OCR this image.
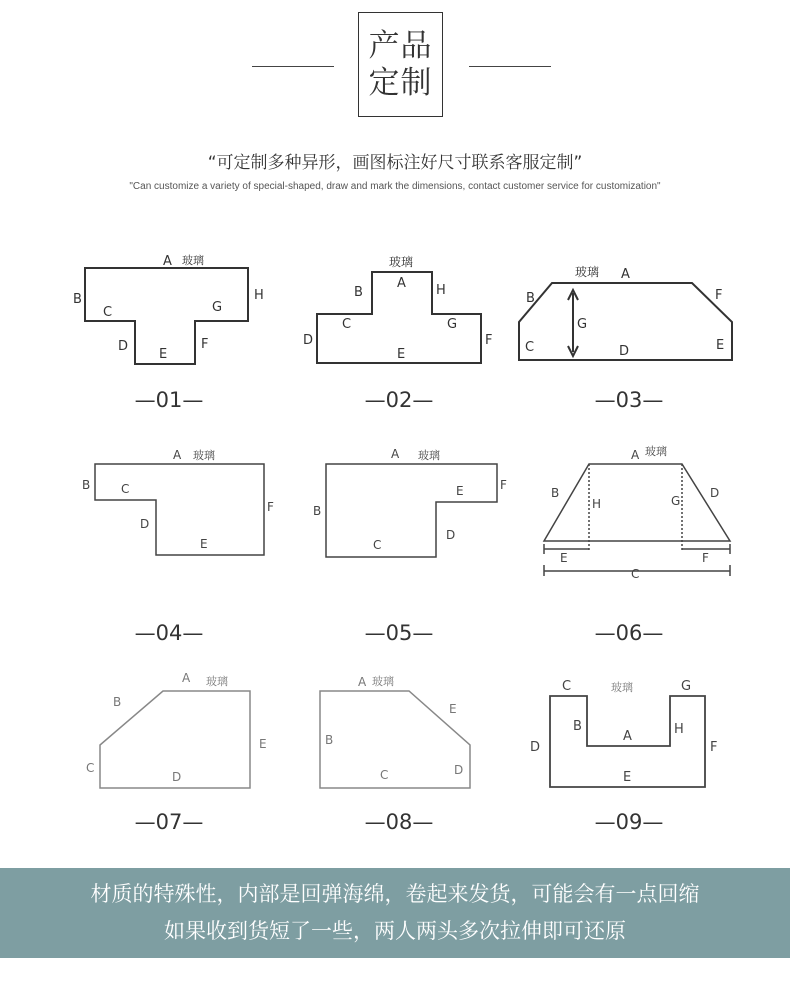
产品
定制
“可定制多种异形，画图标注好尺寸联系客服定制”
"Can customize a variety of special-shaped, draw and mark the dimensions, contact customer service for customization"
A 玻璃
B
C
D
E
F
G
H
玻璃
A
B
C
D
E
F
G
H
玻璃 A
B
C	D	E
F
G
A 玻璃
B	C
D
E
F
A 玻璃
B
C
D
E	F
A 玻璃
B
C
D
E	F
G
H
A 玻璃
B
C
D
E
A 玻璃
B
C	D
E
C	玻璃	G
B
A	H
D	F
E
—01—	—02—	—03—
—04—	—05—	—06—
—07—	—08—	—09—
材质的特殊性，内部是回弹海绵，卷起来发货，可能会有一点回缩
如果收到货短了一些，两人两头多次拉伸即可还原
